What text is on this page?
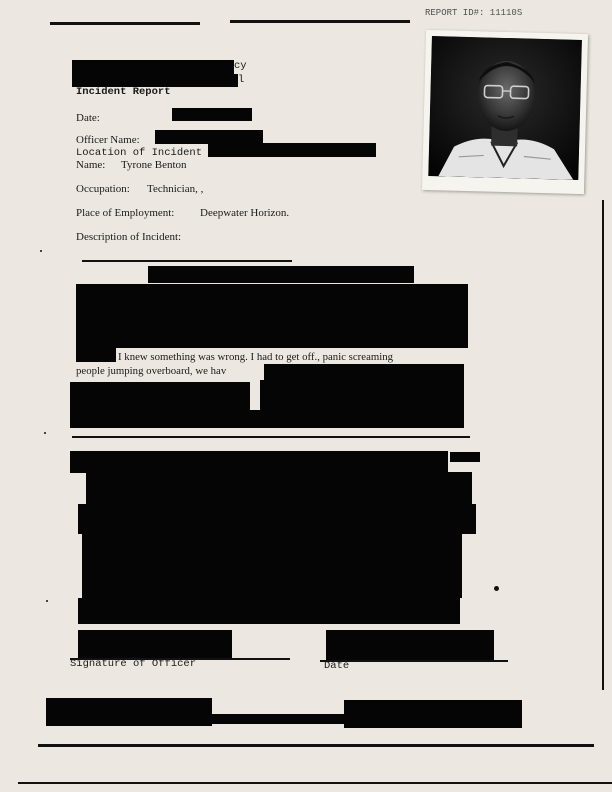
REPORT ID#: 11110S
cy
l
Incident Report
Date:
Officer Name:
Location of Incident
Name: Tyrone Benton
Occupation: Technician, ,
Place of Employment: Deepwater Horizon.
Description of Incident:
I knew something was wrong. I had to get off., panic screaming
people jumping overboard, we hav
Signature of Officer	Date
